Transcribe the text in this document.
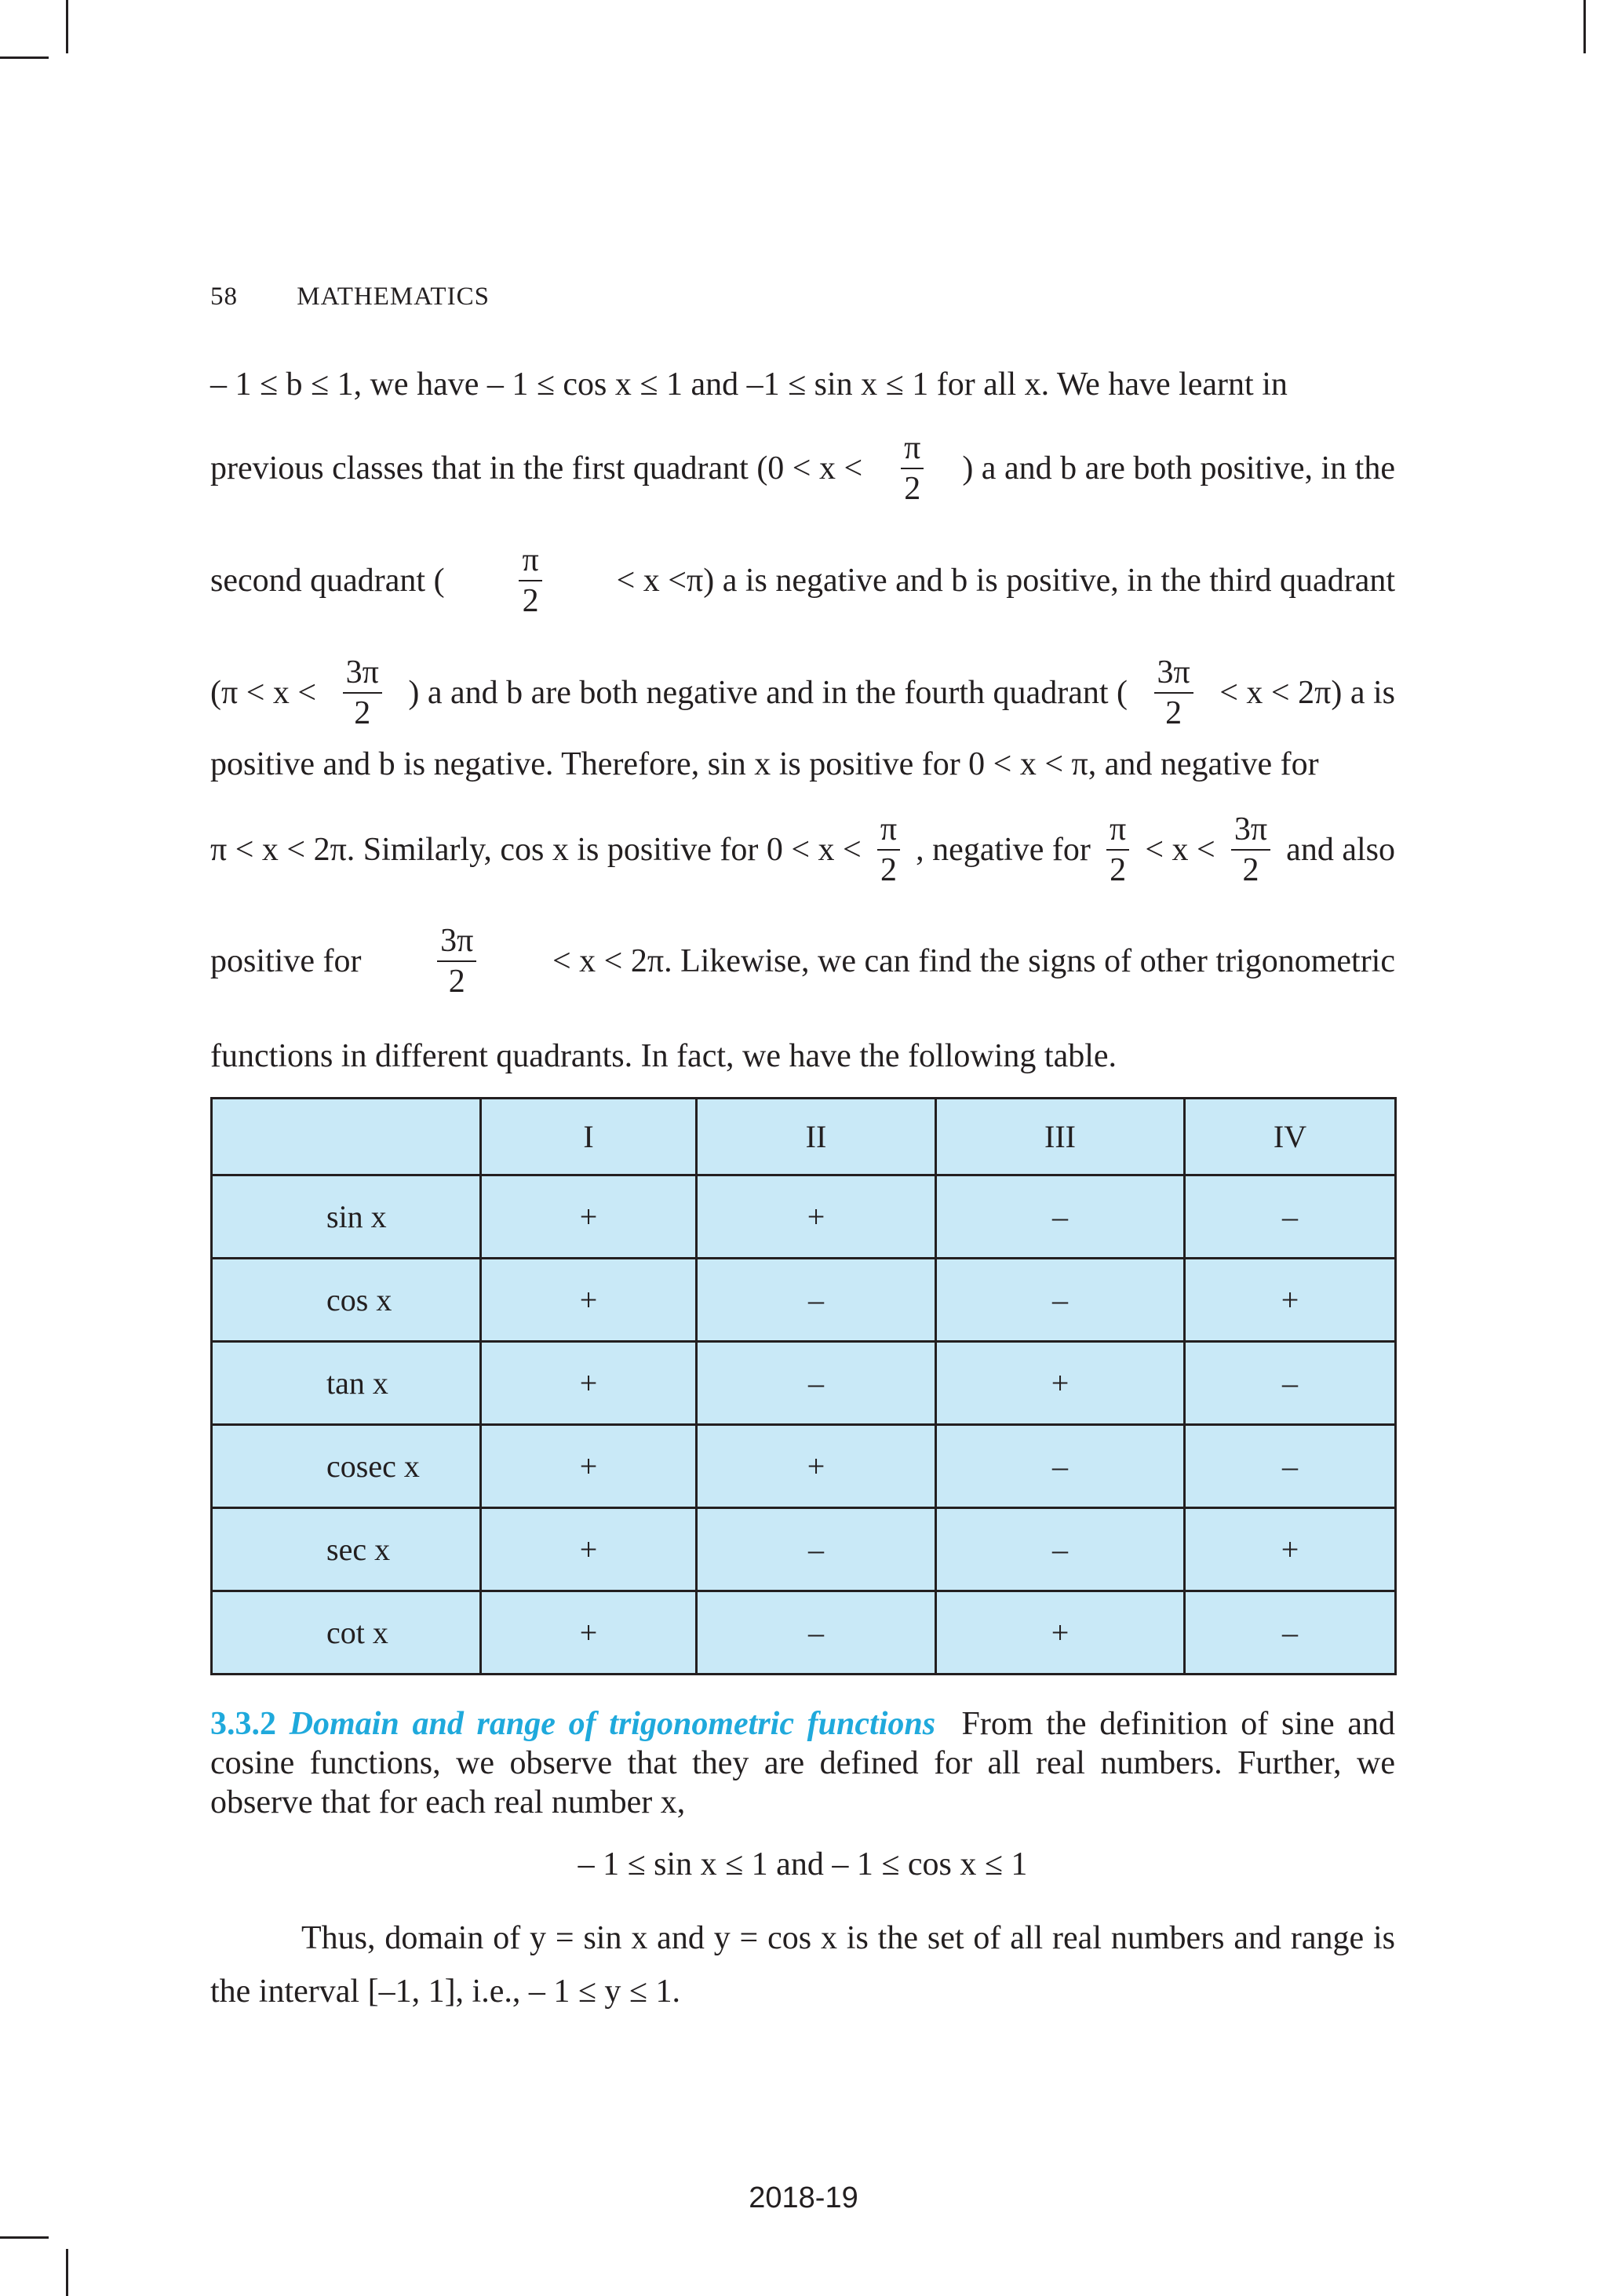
58 MATHEMATICS
– 1 ≤ b ≤ 1, we have – 1 ≤ cos x ≤ 1 and –1 ≤ sin x ≤ 1 for all x. We have learnt in
previous classes that in the first quadrant ($0 < x < \frac{\pi}{2}$ ) a and b are both positive, in the
second quadrant ( $\frac{\pi}{2} < x <\pi$) a is negative and b is positive, in the third quadrant
($\pi < x < \frac{3\pi}{2}$ ) a and b are both negative and in the fourth quadrant ( $\frac{3\pi}{2} < x < 2\pi$) a is
positive and b is negative. Therefore, sin x is positive for 0 < x < π, and negative for
π < x < 2π. Similarly, cos x is positive for $0 < x < \frac{\pi}{2}$ , negative for $\frac{\pi}{2} < x < \frac{3\pi}{2}$ and also
positive for $\frac{3\pi}{2} < x < 2\pi$. Likewise, we can find the signs of other trigonometric
functions in different quadrants. In fact, we have the following table.
	I	II	III	IV
sin x	+	+	–	–
cos x	+	–	–	+
tan x	+	–	+	–
cosec x	+	+	–	–
sec x	+	–	–	+
cot x	+	–	+	–
3.3.2 Domain and range of trigonometric functions From the definition of sine and cosine functions, we observe that they are defined for all real numbers. Further, we observe that for each real number x,
– 1 ≤ sin x ≤ 1 and – 1 ≤ cos x ≤ 1
Thus, domain of y = sin x and y = cos x is the set of all real numbers and range is the interval [–1, 1], i.e., – 1 ≤ y ≤ 1.
2018-19
